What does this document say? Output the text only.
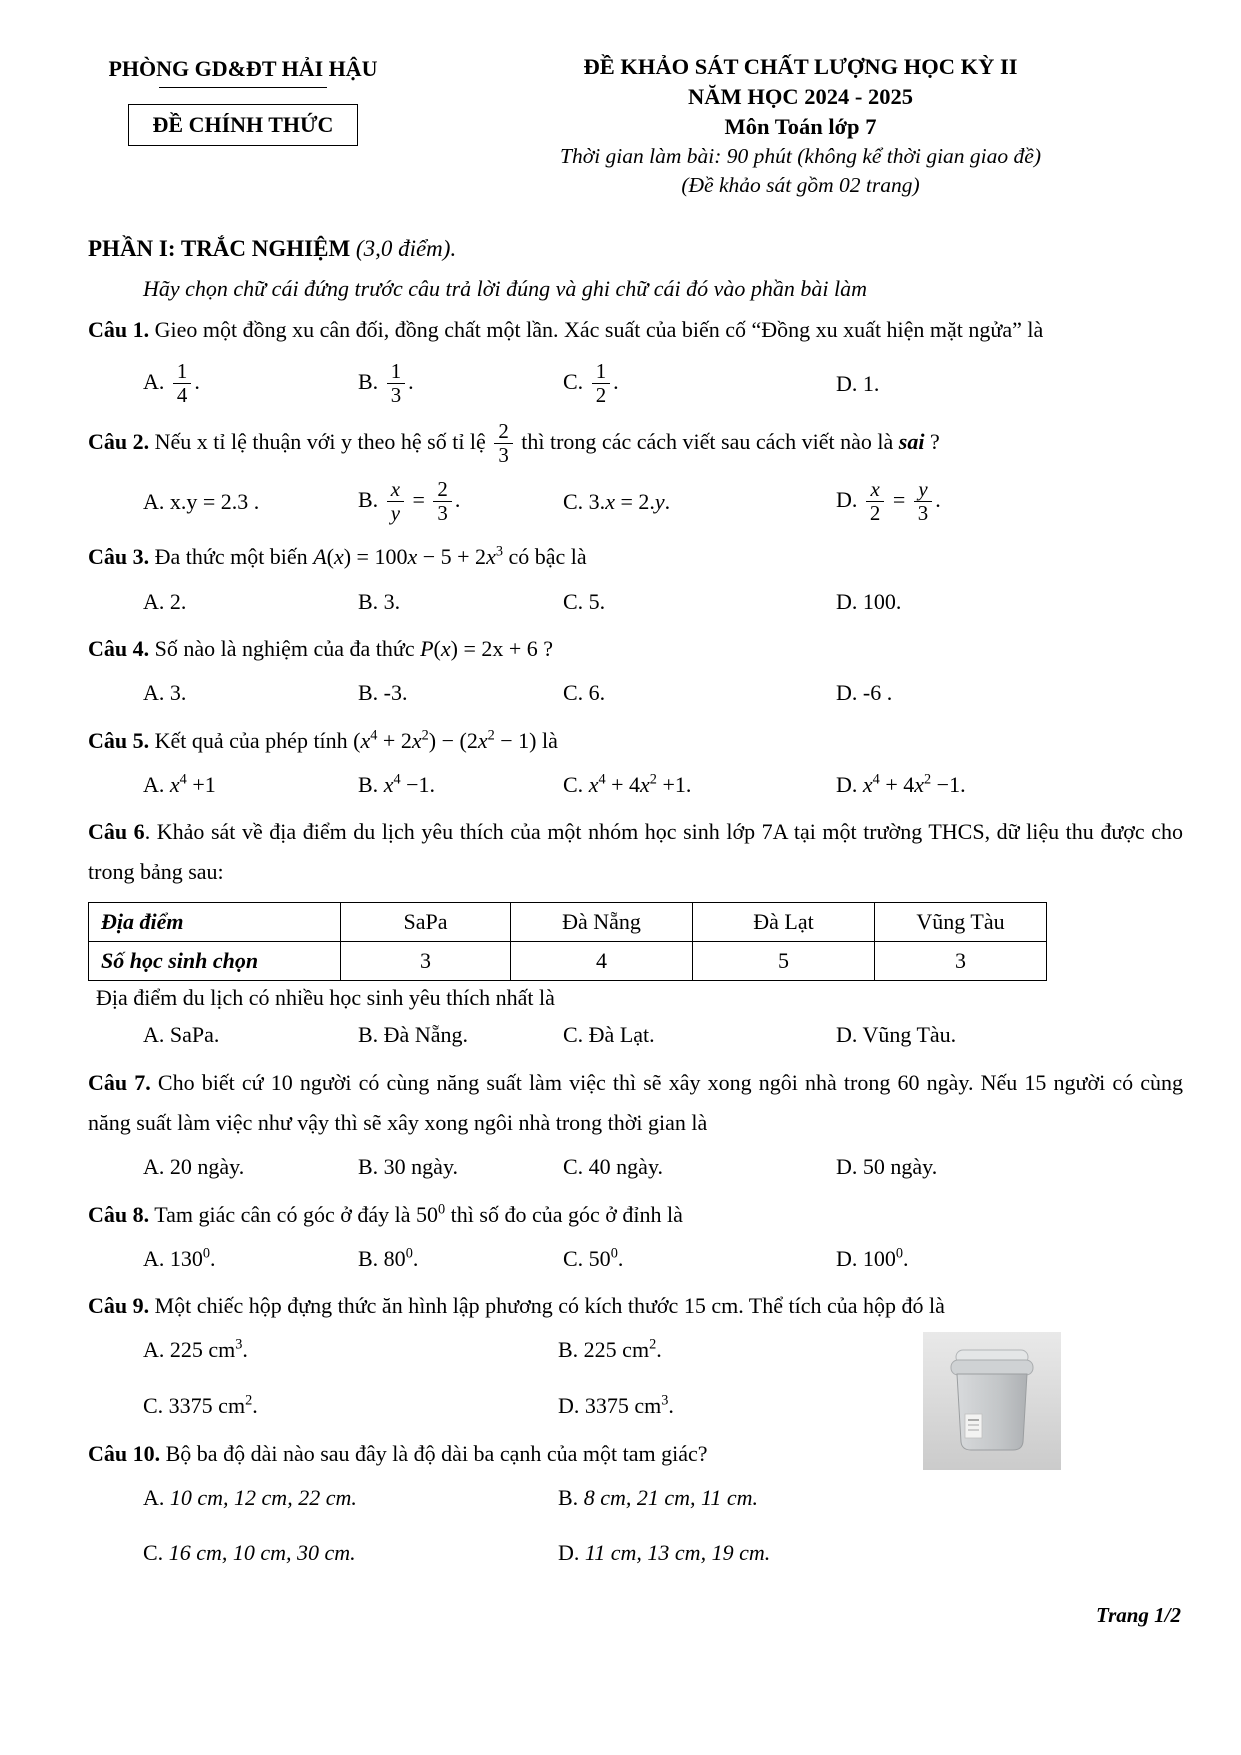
PHÒNG GD&ĐT HẢI HẬU
ĐỀ CHÍNH THỨC
ĐỀ KHẢO SÁT CHẤT LƯỢNG HỌC KỲ II
NĂM HỌC 2024 - 2025
Môn Toán lớp 7
Thời gian làm bài: 90 phút (không kể thời gian giao đề)
(Đề khảo sát gồm 02 trang)
PHẦN I: TRẮC NGHIỆM (3,0 điểm).
Hãy chọn chữ cái đứng trước câu trả lời đúng và ghi chữ cái đó vào phần bài làm

Câu 1. Gieo một đồng xu cân đối, đồng chất một lần. Xác suất của biến cố “Đồng xu xuất hiện mặt ngửa” là

A. $\frac{1}{4}$ .	B. $\frac{1}{3}$ .	C. $\frac{1}{2}$ .	D. 1.

Câu 2. Nếu x tỉ lệ thuận với y theo hệ số tỉ lệ $\frac{2}{3}$ thì trong các cách viết sau cách viết nào là sai ?

A. x.y = 2.3 .	B. $\frac{x}{y} = \frac{2}{3}$ .	C. 3.x = 2.y.	D. $\frac{x}{2} = \frac{y}{3}$ .

Câu 3. Đa thức một biến $A(x) = 100x - 5 + 2x^3$ có bậc là

A. 2.	B. 3.	C. 5.	D. 100.

Câu 4. Số nào là nghiệm của đa thức P(x) = 2x + 6 ?

A. 3.	B. -3.	C. 6.	D. -6 .

Câu 5. Kết quả của phép tính $(x^4 + 2x^2) - (2x^2 - 1)$ là

A. $x^4 +1$	B. $x^4 -1$.	C. $x^4 + 4x^2 +1$.	D. $x^4 + 4x^2 -1$.

Câu 6. Khảo sát về địa điểm du lịch yêu thích của một nhóm học sinh lớp 7A tại một trường THCS, dữ liệu thu được cho trong bảng sau:

Địa điểm	SaPa	Đà Nẵng	Đà Lạt	Vũng Tàu
Số học sinh chọn	3	4	5	3
Địa điểm du lịch có nhiều học sinh yêu thích nhất là
A. SaPa.	B. Đà Nẵng.	C. Đà Lạt.	D. Vũng Tàu.

Câu 7. Cho biết cứ 10 người có cùng năng suất làm việc thì sẽ xây xong ngôi nhà trong 60 ngày. Nếu 15 người có cùng năng suất làm việc như vậy thì sẽ xây xong ngôi nhà trong thời gian là

A. 20 ngày.	B. 30 ngày.	C. 40 ngày.	D. 50 ngày.

Câu 8. Tam giác cân có góc ở đáy là $50^0$ thì số đo của góc ở đỉnh là

A. $130^0$.	B. $80^0$.	C. $50^0$.	D. $100^0$.

Câu 9. Một chiếc hộp đựng thức ăn hình lập phương có kích thước 15 cm. Thể tích của hộp đó là

A. 225 $cm^3$.	B. 225 $cm^2$.
C. 3375 $cm^2$.	D. 3375 $cm^3$.

Câu 10. Bộ ba độ dài nào sau đây là độ dài ba cạnh của một tam giác?

A. 10 cm, 12 cm, 22 cm.	B. 8 cm, 21 cm, 11 cm.
C. 16 cm, 10 cm, 30 cm.	D. 11 cm, 13 cm, 19 cm.
Trang 1/2
